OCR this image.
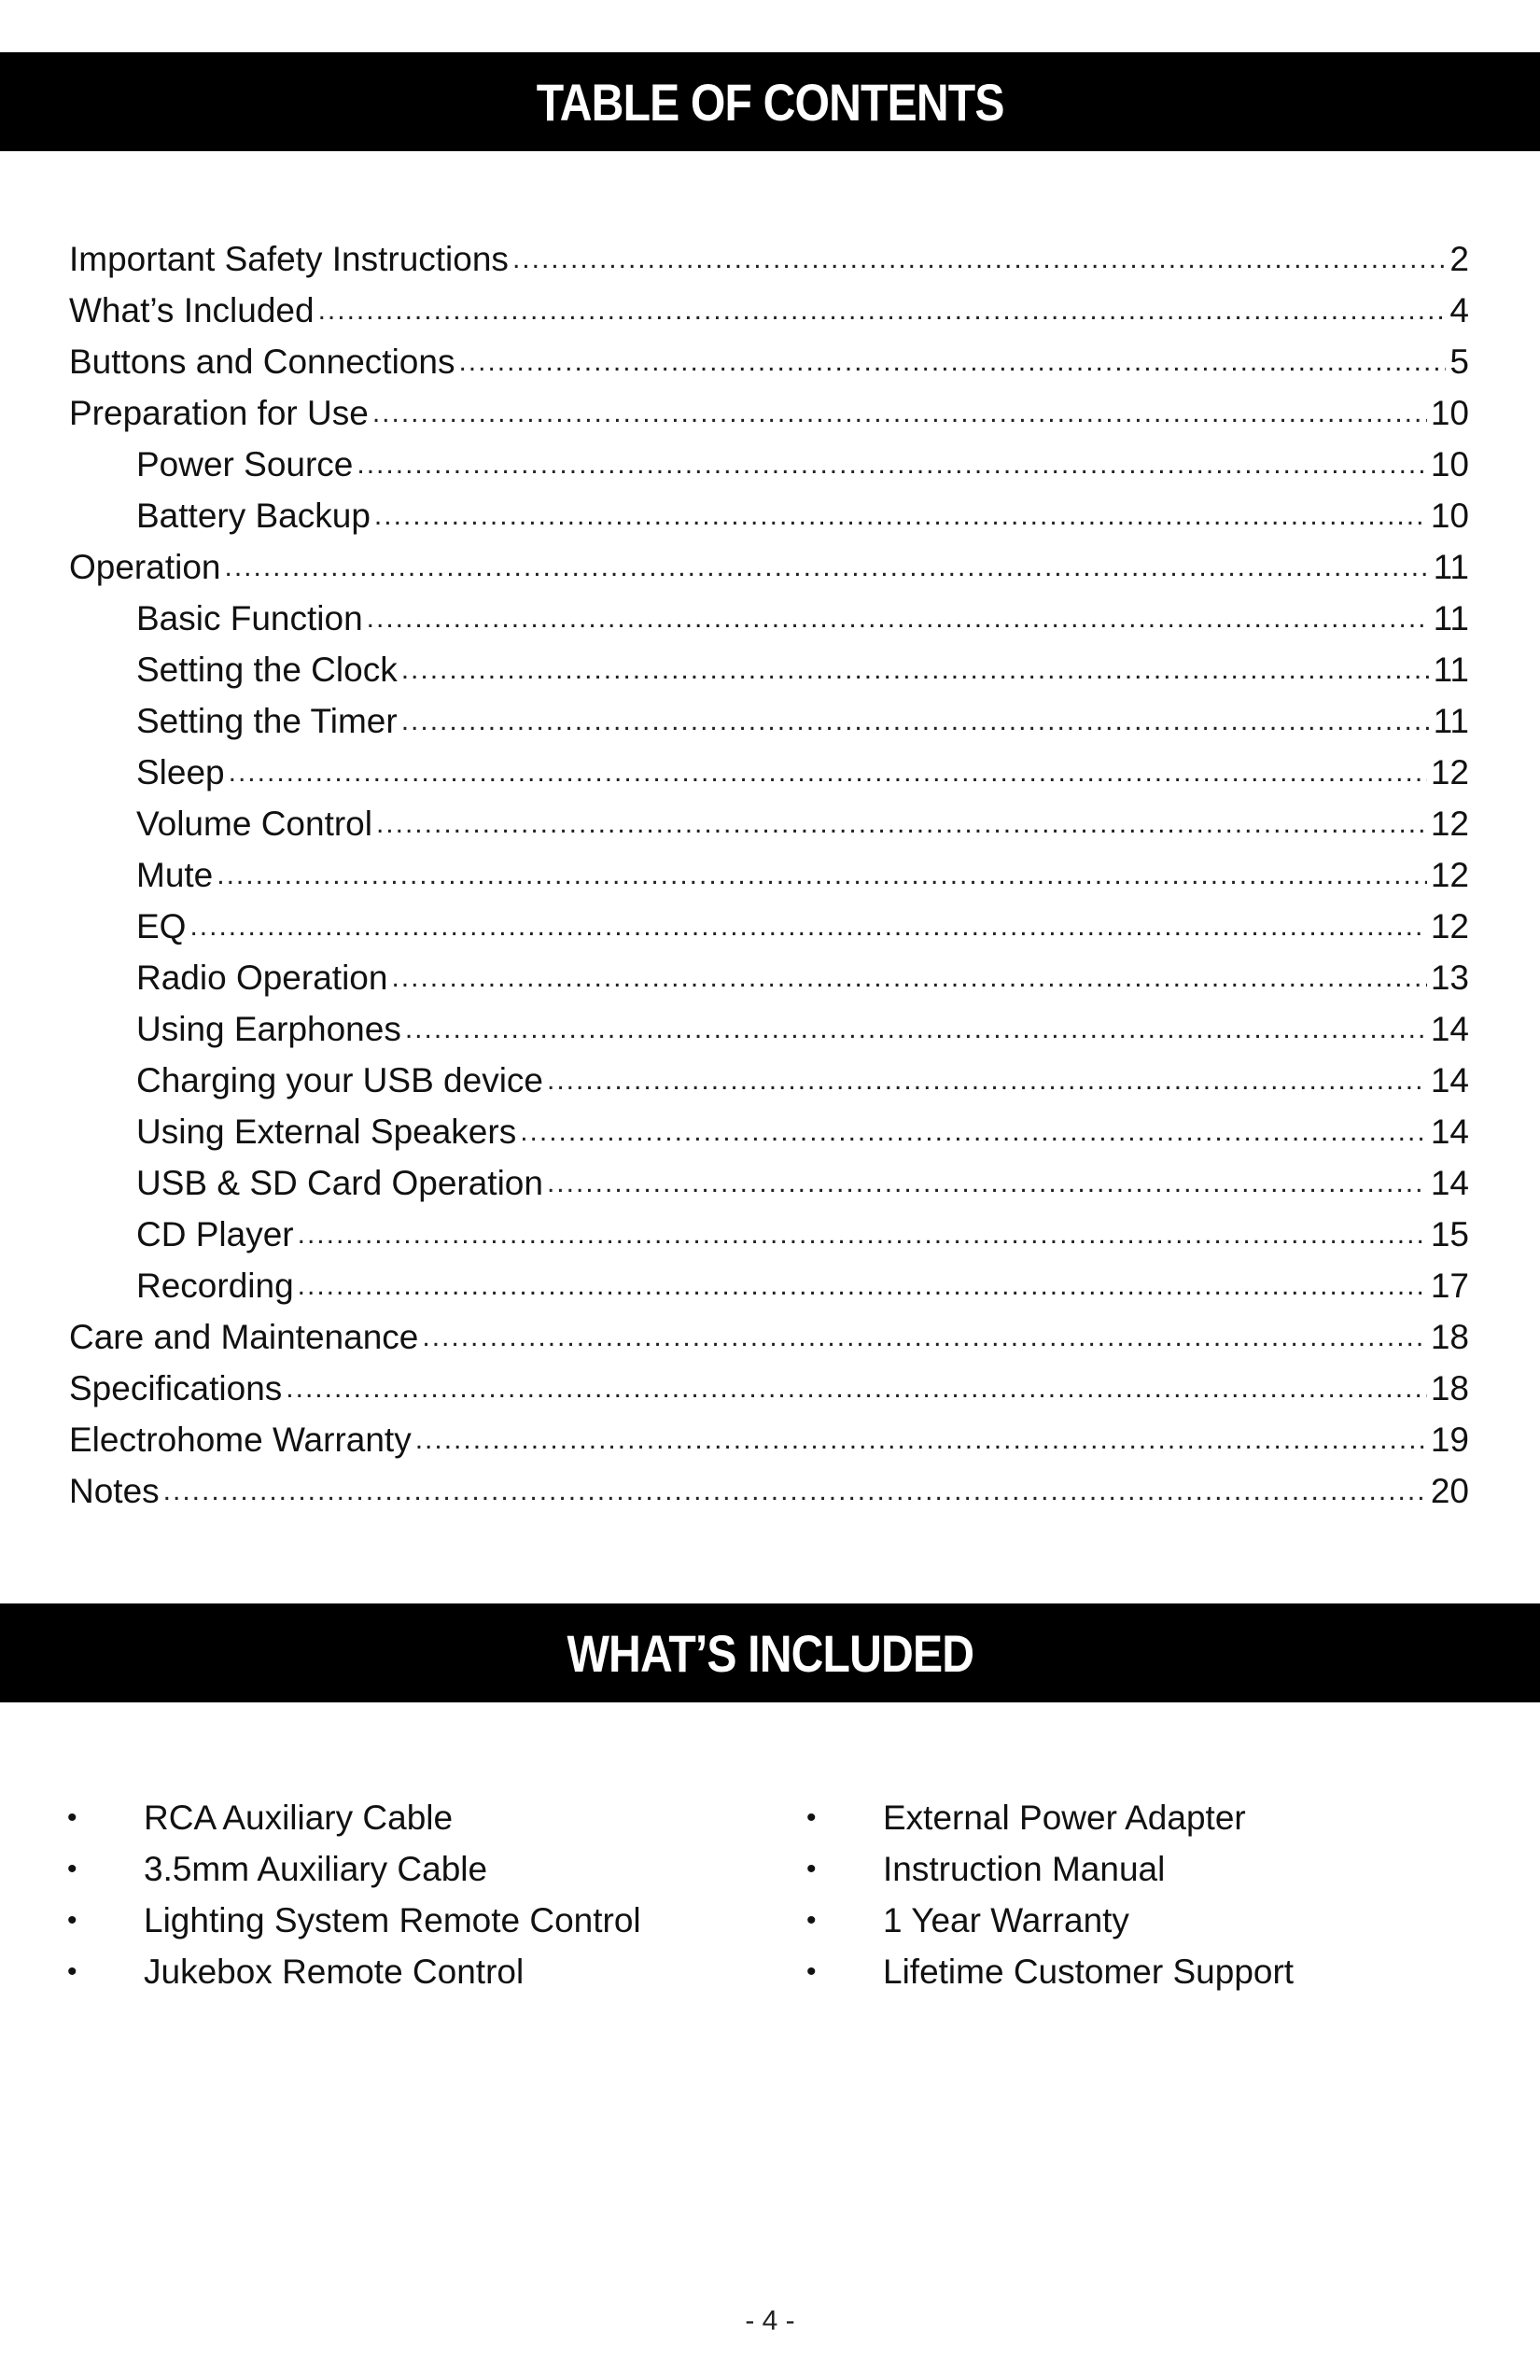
TABLE OF CONTENTS
Important Safety Instructions .....	2
What’s Included .....	4
Buttons and Connections .....	5
Preparation for Use .....	10
Power Source .....	10
Battery Backup .....	10
Operation .....	11
Basic Function .....	11
Setting the Clock .....	11
Setting the Timer .....	11
Sleep .....	12
Volume Control .....	12
Mute .....	12
EQ .....	12
Radio Operation .....	13
Using Earphones .....	14
Charging your USB device .....	14
Using External Speakers .....	14
USB & SD Card Operation .....	14
CD Player .....	15
Recording .....	17
Care and Maintenance .....	18
Specifications .....	18
Electrohome Warranty .....	19
Notes .....	20
WHAT’S INCLUDED
•	RCA Auxiliary Cable
•	3.5mm Auxiliary Cable
•	Lighting System Remote Control
•	Jukebox Remote Control
•	External Power Adapter
•	Instruction Manual
•	1 Year Warranty
•	Lifetime Customer Support
- 4 -
